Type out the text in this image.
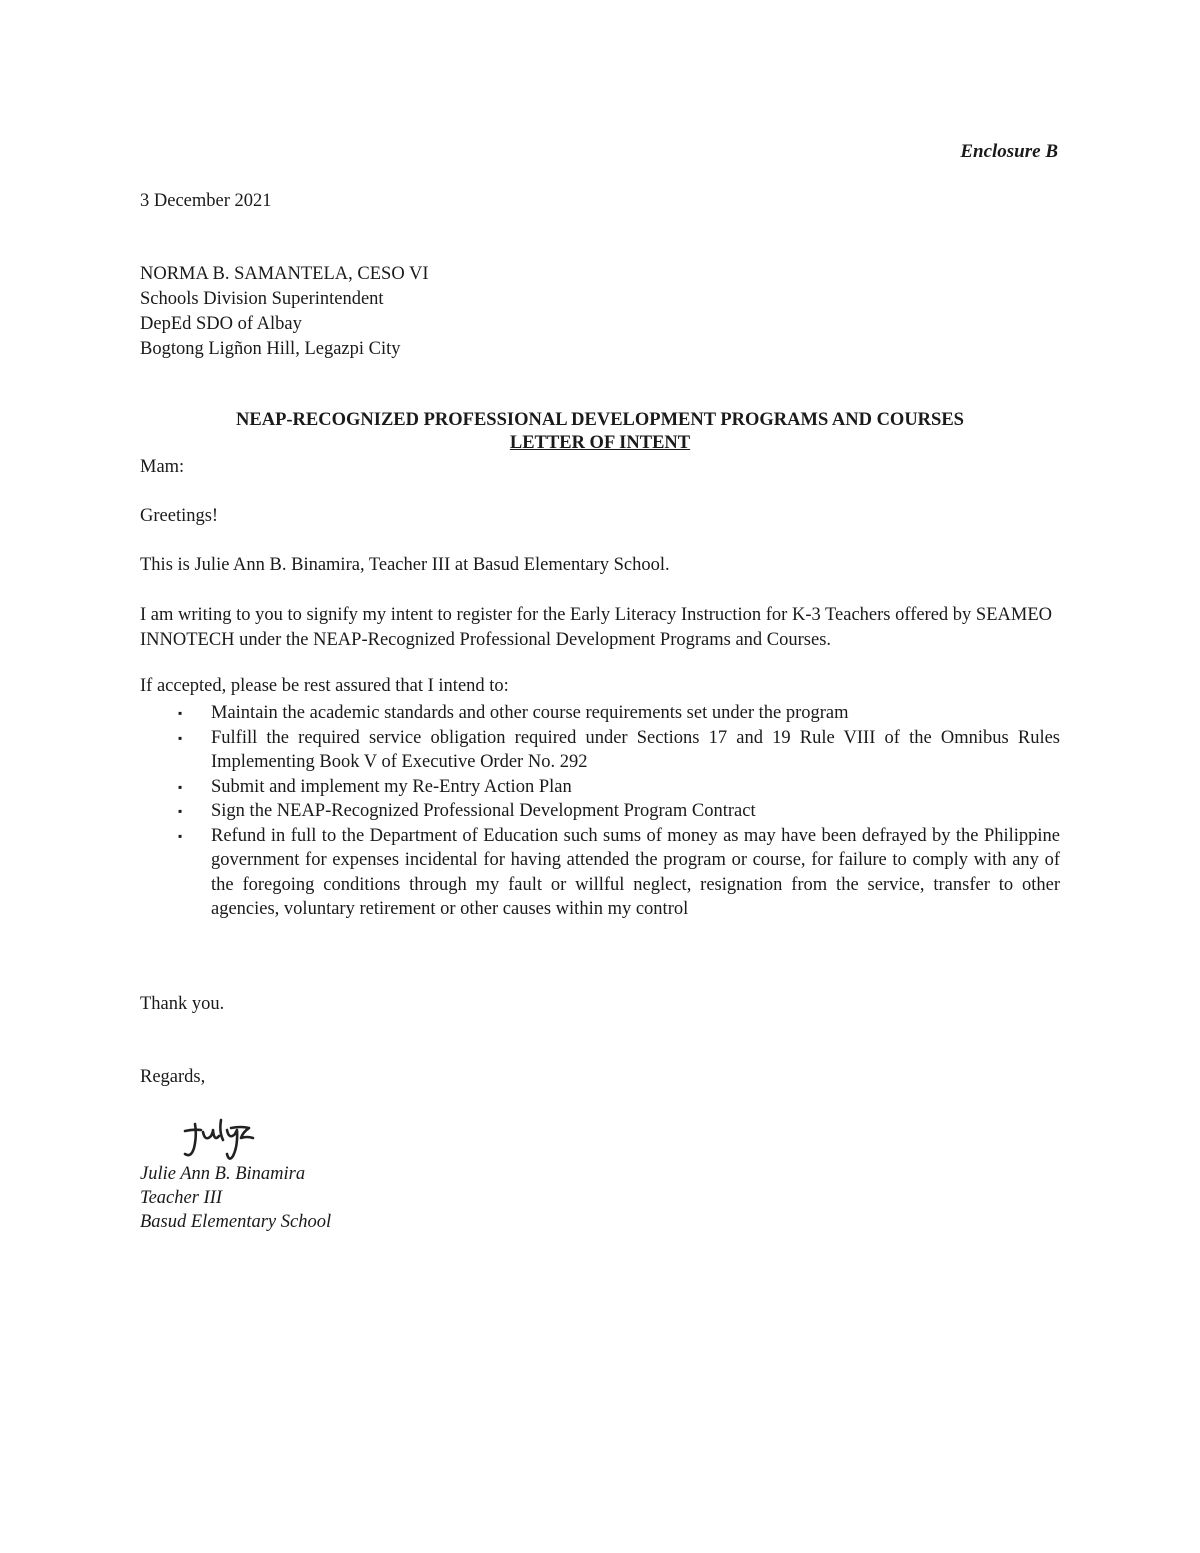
Enclosure B
3 December 2021
NORMA B. SAMANTELA, CESO VI
Schools Division Superintendent
DepEd SDO of Albay
Bogtong Ligñon Hill, Legazpi City
NEAP-RECOGNIZED PROFESSIONAL DEVELOPMENT PROGRAMS AND COURSES
LETTER OF INTENT
Mam:
Greetings!
This is Julie Ann B. Binamira, Teacher III at Basud Elementary School.
I am writing to you to signify my intent to register for the Early Literacy Instruction for K-3 Teachers offered by SEAMEO INNOTECH under the NEAP-Recognized Professional Development Programs and Courses.
If accepted, please be rest assured that I intend to:
▪ Maintain the academic standards and other course requirements set under the program
▪ Fulfill the required service obligation required under Sections 17 and 19 Rule VIII of the Omnibus Rules Implementing Book V of Executive Order No. 292
▪ Submit and implement my Re-Entry Action Plan
▪ Sign the NEAP-Recognized Professional Development Program Contract
▪ Refund in full to the Department of Education such sums of money as may have been defrayed by the Philippine government for expenses incidental for having attended the program or course, for failure to comply with any of the foregoing conditions through my fault or willful neglect, resignation from the service, transfer to other agencies, voluntary retirement or other causes within my control
Thank you.
Regards,
Julie Ann B. Binamira
Teacher III
Basud Elementary School
